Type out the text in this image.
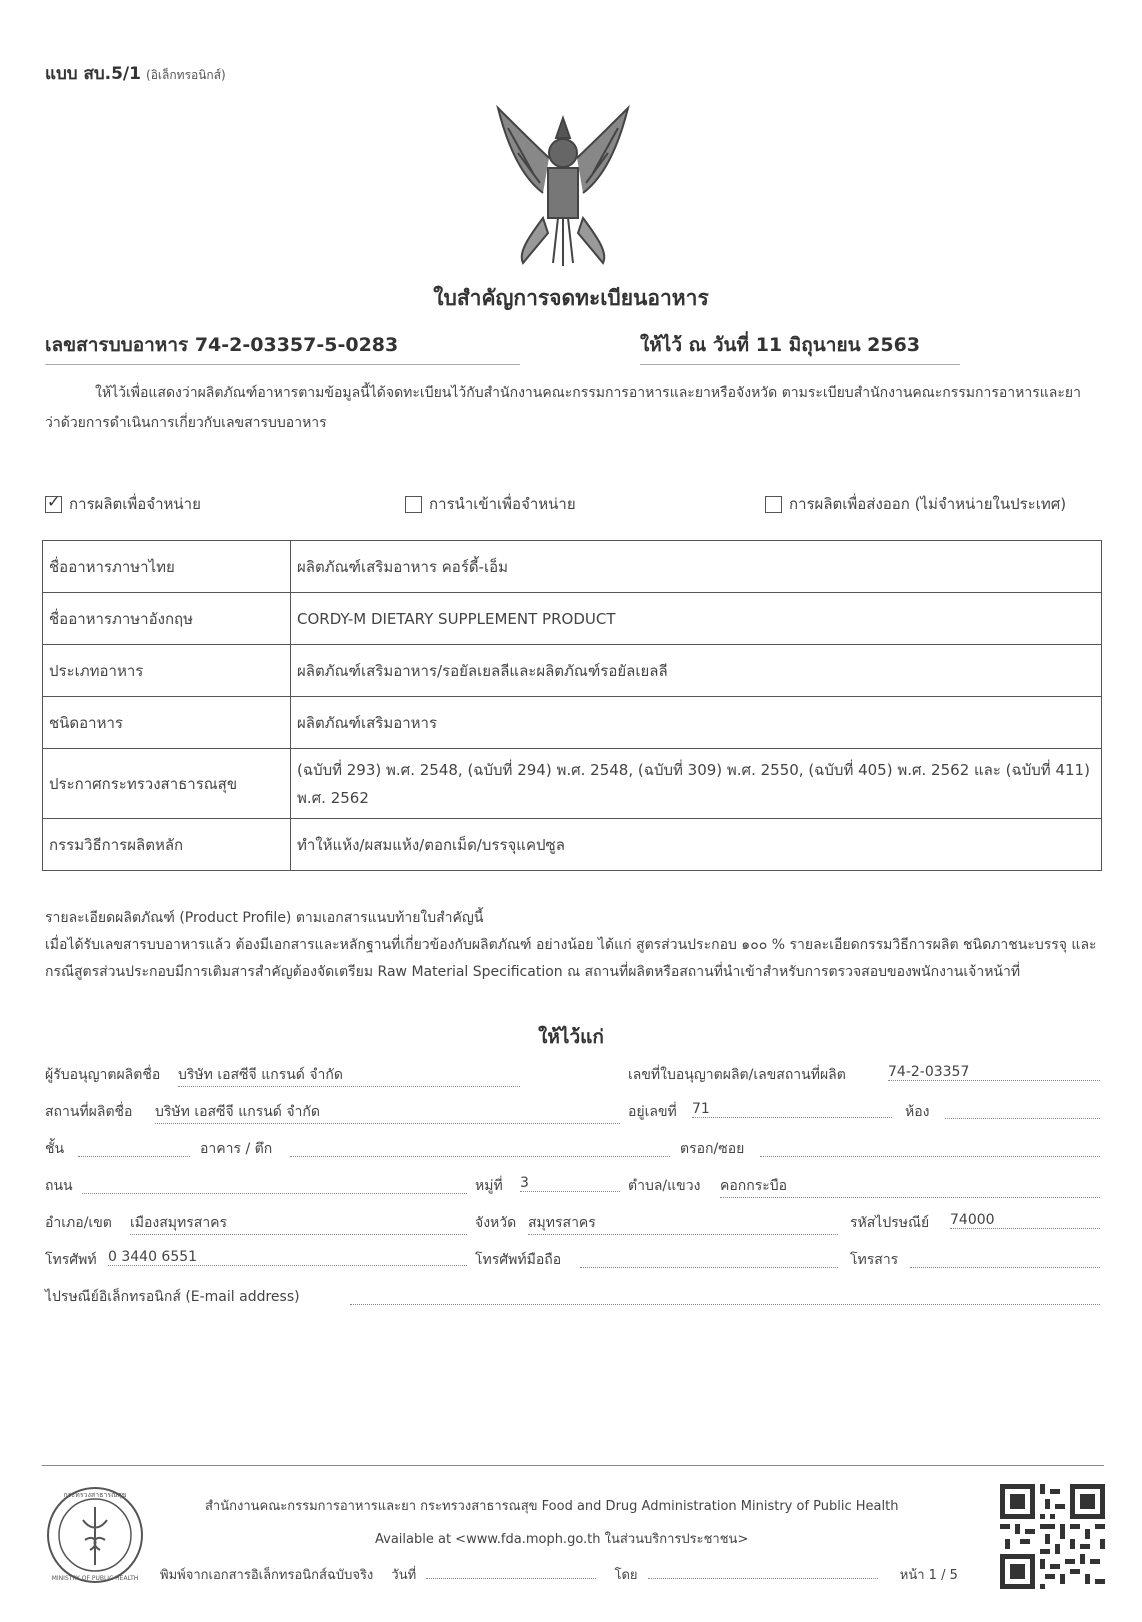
แบบ สบ.5/1 (อิเล็กทรอนิกส์)
ใบสำคัญการจดทะเบียนอาหาร
เลขสารบบอาหาร 74-2-03357-5-0283	ให้ไว้ ณ วันที่ 11 มิถุนายน 2563
ให้ไว้เพื่อแสดงว่าผลิตภัณฑ์อาหารตามข้อมูลนี้ได้จดทะเบียนไว้กับสำนักงานคณะกรรมการอาหารและยาหรือจังหวัด ตามระเบียบสำนักงานคณะกรรมการอาหารและยาว่าด้วยการดำเนินการเกี่ยวกับเลขสารบบอาหาร
✓ การผลิตเพื่อจำหน่าย	การนำเข้าเพื่อจำหน่าย	การผลิตเพื่อส่งออก (ไม่จำหน่ายในประเทศ)
ชื่ออาหารภาษาไทย	ผลิตภัณฑ์เสริมอาหาร คอร์ดี้-เอ็ม
ชื่ออาหารภาษาอังกฤษ	CORDY-M DIETARY SUPPLEMENT PRODUCT
ประเภทอาหาร	ผลิตภัณฑ์เสริมอาหาร/รอยัลเยลลีและผลิตภัณฑ์รอยัลเยลลี
ชนิดอาหาร	ผลิตภัณฑ์เสริมอาหาร
ประกาศกระทรวงสาธารณสุข	(ฉบับที่ 293) พ.ศ. 2548, (ฉบับที่ 294) พ.ศ. 2548, (ฉบับที่ 309) พ.ศ. 2550, (ฉบับที่ 405) พ.ศ. 2562 และ (ฉบับที่ 411) พ.ศ. 2562
กรรมวิธีการผลิตหลัก	ทำให้แห้ง/ผสมแห้ง/ตอกเม็ด/บรรจุแคปซูล
รายละเอียดผลิตภัณฑ์ (Product Profile) ตามเอกสารแนบท้ายใบสำคัญนี้
เมื่อได้รับเลขสารบบอาหารแล้ว ต้องมีเอกสารและหลักฐานที่เกี่ยวข้องกับผลิตภัณฑ์ อย่างน้อย ได้แก่ สูตรส่วนประกอบ ๑๐๐ % รายละเอียดกรรมวิธีการผลิต ชนิดภาชนะบรรจุ และกรณีสูตรส่วนประกอบมีการเติมสารสำคัญต้องจัดเตรียม Raw Material Specification ณ สถานที่ผลิตหรือสถานที่นำเข้าสำหรับการตรวจสอบของพนักงานเจ้าหน้าที่
ให้ไว้แก่
ผู้รับอนุญาตผลิตชื่อ บริษัท เอสซีจี แกรนด์ จำกัด	เลขที่ใบอนุญาตผลิต/เลขสถานที่ผลิต	74-2-03357
สถานที่ผลิตชื่อ บริษัท เอสซีจี แกรนด์ จำกัด	อยู่เลขที่ 71	ห้อง
ชั้น	อาคาร / ตึก	ตรอก/ซอย
ถนน	หมู่ที่ 3	ตำบล/แขวง คอกกระบือ
อำเภอ/เขต เมืองสมุทรสาคร	จังหวัด สมุทรสาคร	รหัสไปรษณีย์ 74000
โทรศัพท์ 0 3440 6551	โทรศัพท์มือถือ	โทรสาร
ไปรษณีย์อิเล็กทรอนิกส์ (E-mail address)
กระทรวงสาธารณสุข
MINISTRY OF PUBLIC HEALTH
สำนักงานคณะกรรมการอาหารและยา กระทรวงสาธารณสุข Food and Drug Administration Ministry of Public Health
Available at <www.fda.moph.go.th ในส่วนบริการประชาชน>
พิมพ์จากเอกสารอิเล็กทรอนิกส์ฉบับจริง วันที่	โดย	หน้า 1 / 5
